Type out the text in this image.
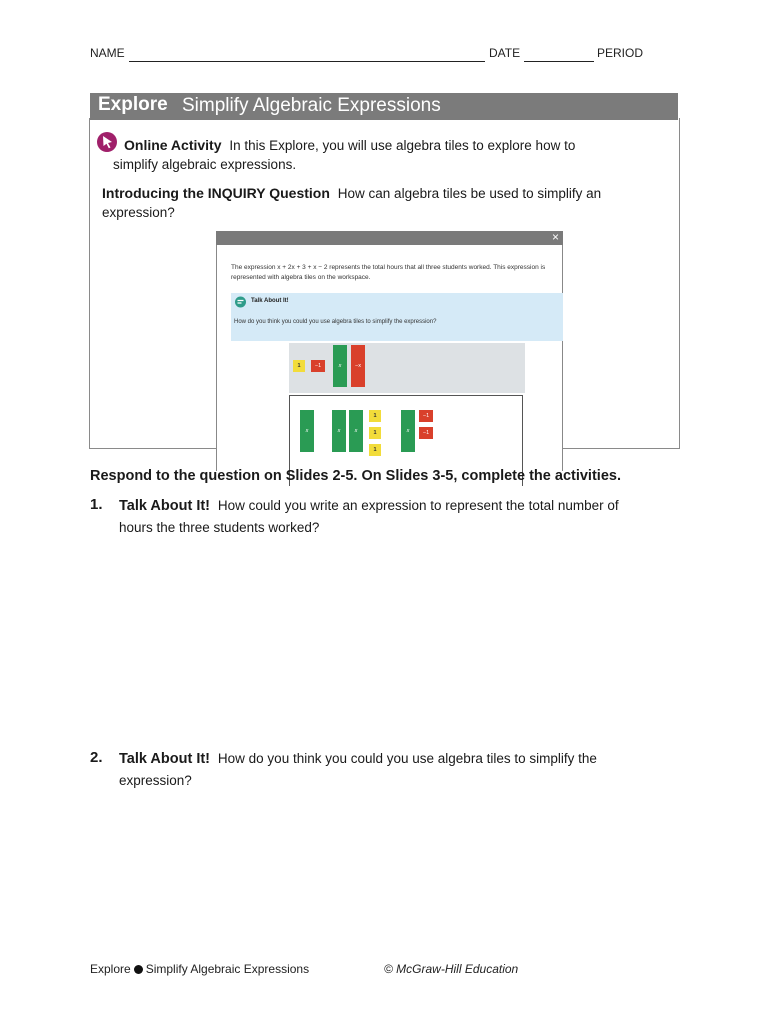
NAME	DATE	PERIOD
Explore Simplify Algebraic Expressions
Online Activity In this Explore, you will use algebra tiles to explore how to
simplify algebraic expressions.
Introducing the INQUIRY Question How can algebra tiles be used to simplify an
expression?
×
The expression x + 2x + 3 + x − 2 represents the total hours that all three students worked. This expression is
represented with algebra tiles on the workspace.
Talk About It!
How do you think you could you use algebra tiles to simplify the expression?
1	−1	x	−x
x	x	x
1
1
1
x
−1
−1
Respond to the question on Slides 2-5. On Slides 3-5, complete the activities.
1. Talk About It! How could you write an expression to represent the total number of
hours the three students worked?
2. Talk About It! How do you think you could you use algebra tiles to simplify the
expression?
Explore Simplify Algebraic Expressions	© McGraw-Hill Education
